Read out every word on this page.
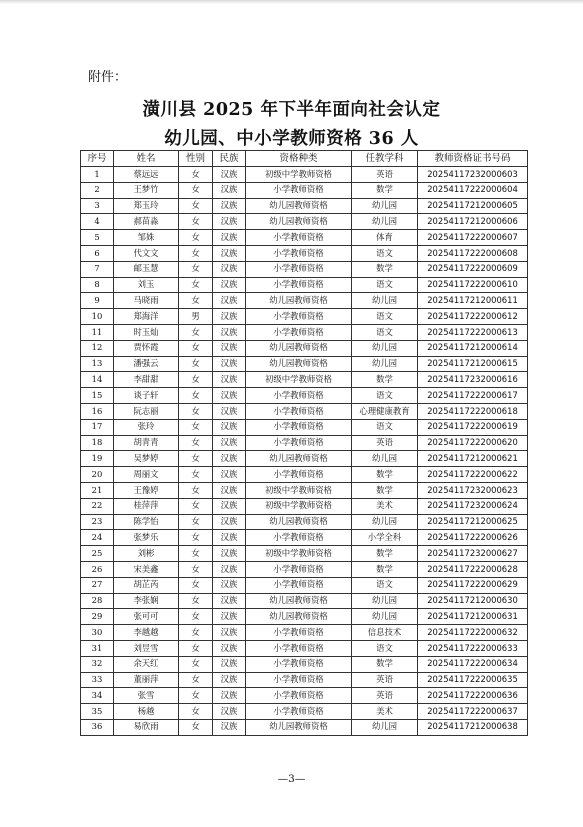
附件：
潢川县 2025 年下半年面向社会认定
幼儿园、中小学教师资格 36 人
序号	姓名	性别	民族	资格种类	任教学科	教师资格证书号码
1	蔡远远	女	汉族	初级中学教师资格	英语	20254117232000603
2	王梦竹	女	汉族	小学教师资格	数学	20254117222000604
3	郑玉玲	女	汉族	幼儿园教师资格	幼儿园	20254117212000605
4	郝苗淼	女	汉族	幼儿园教师资格	幼儿园	20254117212000606
5	邹姝	女	汉族	小学教师资格	体育	20254117222000607
6	代文文	女	汉族	小学教师资格	语文	20254117222000608
7	邮玉慧	女	汉族	小学教师资格	数学	20254117222000609
8	刘玉	女	汉族	小学教师资格	语文	20254117222000610
9	马晓雨	女	汉族	幼儿园教师资格	幼儿园	20254117212000611
10	郑海洋	男	汉族	小学教师资格	语文	20254117222000612
11	时玉灿	女	汉族	小学教师资格	语文	20254117222000613
12	贾怀霞	女	汉族	幼儿园教师资格	幼儿园	20254117212000614
13	潘强云	女	汉族	幼儿园教师资格	幼儿园	20254117212000615
14	李甜甜	女	汉族	初级中学教师资格	数学	20254117232000616
15	谈子轩	女	汉族	小学教师资格	语文	20254117222000617
16	阮志丽	女	汉族	小学教师资格	心理健康教育	20254117222000618
17	张玲	女	汉族	小学教师资格	语文	20254117222000619
18	胡青青	女	汉族	小学教师资格	英语	20254117222000620
19	吴梦婷	女	汉族	幼儿园教师资格	幼儿园	20254117212000621
20	周丽文	女	汉族	小学教师资格	数学	20254117222000622
21	王豫婷	女	汉族	初级中学教师资格	数学	20254117232000623
22	桂萍萍	女	汉族	初级中学教师资格	美术	20254117232000624
23	陈学怡	女	汉族	幼儿园教师资格	幼儿园	20254117212000625
24	张梦乐	女	汉族	小学教师资格	小学全科	20254117222000626
25	刘彬	女	汉族	初级中学教师资格	数学	20254117232000627
26	宋美鑫	女	汉族	小学教师资格	数学	20254117222000628
27	胡芷芮	女	汉族	小学教师资格	语文	20254117222000629
28	李张娴	女	汉族	幼儿园教师资格	幼儿园	20254117212000630
29	张可可	女	汉族	幼儿园教师资格	幼儿园	20254117212000631
30	李越越	女	汉族	小学教师资格	信息技术	20254117222000632
31	刘昱雪	女	汉族	小学教师资格	语文	20254117222000633
32	余天红	女	汉族	小学教师资格	数学	20254117222000634
33	董丽萍	女	汉族	小学教师资格	英语	20254117222000635
34	张雪	女	汉族	小学教师资格	英语	20254117222000636
35	杨越	女	汉族	小学教师资格	美术	20254117222000637
36	易欣雨	女	汉族	幼儿园教师资格	幼儿园	20254117212000638
—3—
